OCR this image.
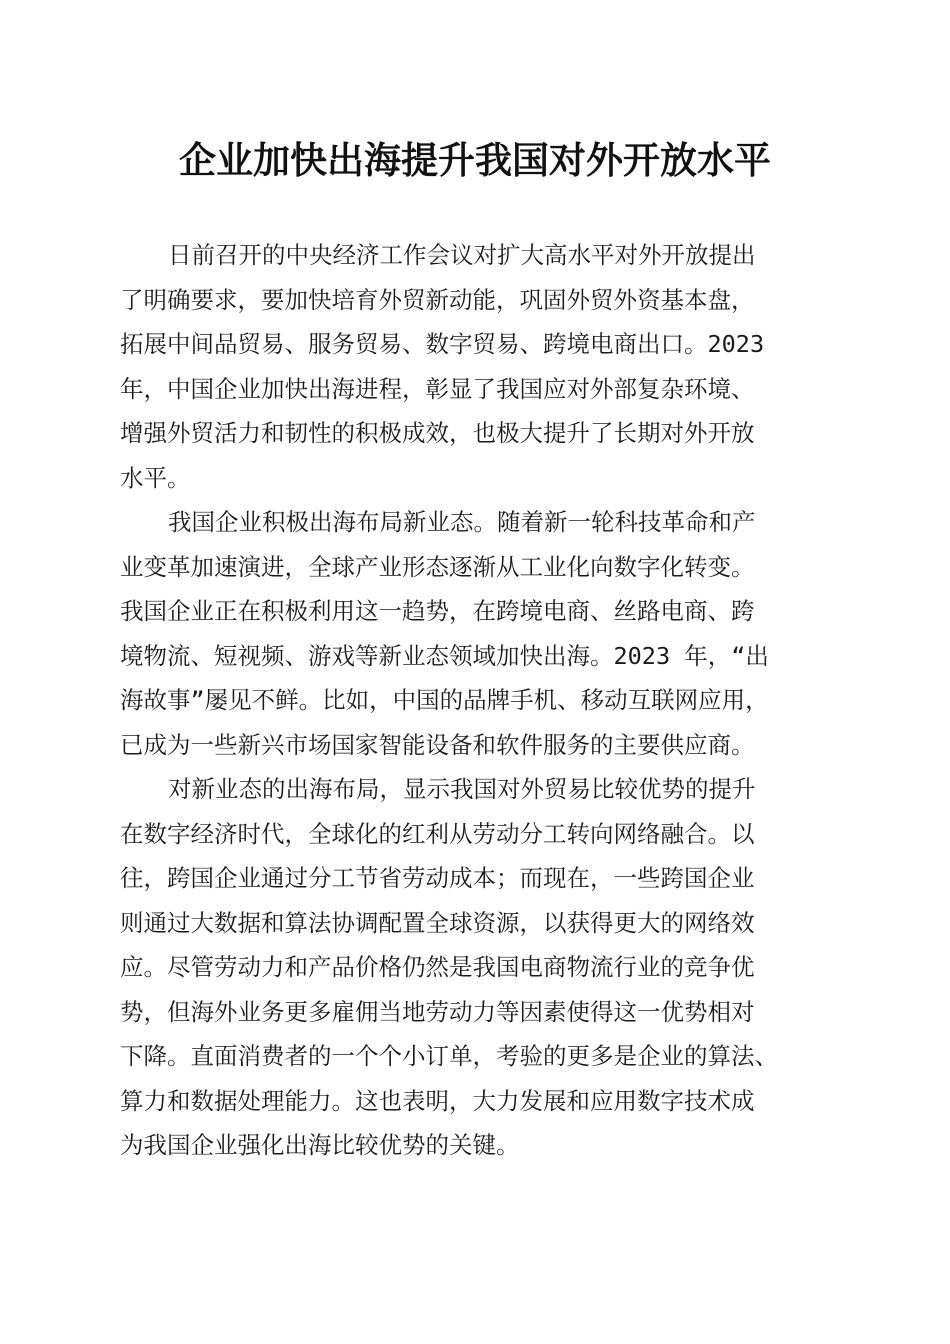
企业加快出海提升我国对外开放水平
日前召开的中央经济工作会议对扩大高水平对外开放提出
了明确要求，要加快培育外贸新动能，巩固外贸外资基本盘，
拓展中间品贸易、服务贸易、数字贸易、跨境电商出口。2023
年，中国企业加快出海进程，彰显了我国应对外部复杂环境、
增强外贸活力和韧性的积极成效，也极大提升了长期对外开放
水平。
我国企业积极出海布局新业态。随着新一轮科技革命和产
业变革加速演进，全球产业形态逐渐从工业化向数字化转变。
我国企业正在积极利用这一趋势，在跨境电商、丝路电商、跨
境物流、短视频、游戏等新业态领域加快出海。2023 年，“出
海故事”屡见不鲜。比如，中国的品牌手机、移动互联网应用，
已成为一些新兴市场国家智能设备和软件服务的主要供应商。
对新业态的出海布局，显示我国对外贸易比较优势的提升
在数字经济时代，全球化的红利从劳动分工转向网络融合。以
往，跨国企业通过分工节省劳动成本；而现在，一些跨国企业
则通过大数据和算法协调配置全球资源，以获得更大的网络效
应。尽管劳动力和产品价格仍然是我国电商物流行业的竞争优
势，但海外业务更多雇佣当地劳动力等因素使得这一优势相对
下降。直面消费者的一个个小订单，考验的更多是企业的算法、
算力和数据处理能力。这也表明，大力发展和应用数字技术成
为我国企业强化出海比较优势的关键。
